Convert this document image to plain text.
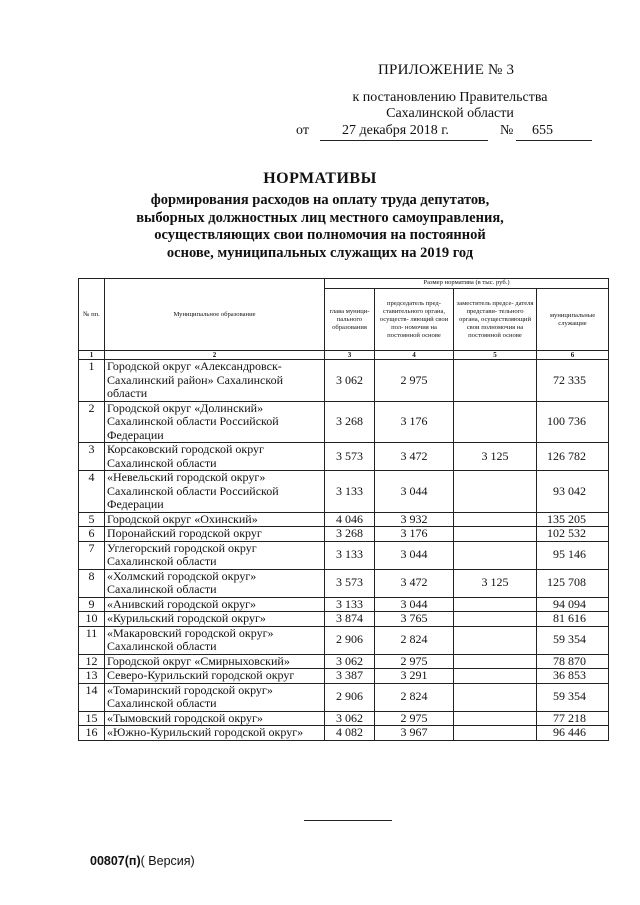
ПРИЛОЖЕНИЕ № 3
к постановлению Правительства
Сахалинской области
от 27 декабря 2018 г.	№ 655
НОРМАТИВЫ
формирования расходов на оплату труда депутатов,
выборных должностных лиц местного самоуправления,
осуществляющих свои полномочия на постоянной
основе, муниципальных служащих на 2019 год
№ пп.	Муниципальное образование	Размер норматива (в тыс. руб.)			
		глава муници- пального образования	председатель пред- ставительного органа, осуществ- ляющий свои пол- номочия на постоянной основе	заместитель предсе- дателя представи- тельного органа, осуществляющий свои полномочия на постоянной основе	муниципальные служащие
1	2	3	4	5	6
1	Городской округ «Александровск-Сахалинский район» Сахалинской области	3 062	2 975		72 335
2	Городской округ «Долинский» Сахалинской области Российской Федерации	3 268	3 176		100 736
3	Корсаковский городской округ Сахалинской области	3 573	3 472	3 125	126 782
4	«Невельский городской округ» Сахалинской области Российской Федерации	3 133	3 044		93 042
5	Городской округ «Охинский»	4 046	3 932		135 205
6	Поронайский городской округ	3 268	3 176		102 532
7	Углегорский городской округ Сахалинской области	3 133	3 044		95 146
8	«Холмский городской округ» Сахалинской области	3 573	3 472	3 125	125 708
9	«Анивский городской округ»	3 133	3 044		94 094
10	«Курильский городской округ»	3 874	3 765		81 616
11	«Макаровский городской округ» Сахалинской области	2 906	2 824		59 354
12	Городской округ «Смирныховский»	3 062	2 975		78 870
13	Северо-Курильский городской округ	3 387	3 291		36 853
14	«Томаринский городской округ» Сахалинской области	2 906	2 824		59 354
15	«Тымовский городской округ»	3 062	2 975		77 218
16	«Южно-Курильский городской округ»	4 082	3 967		96 446
00807(п)( Версия)
